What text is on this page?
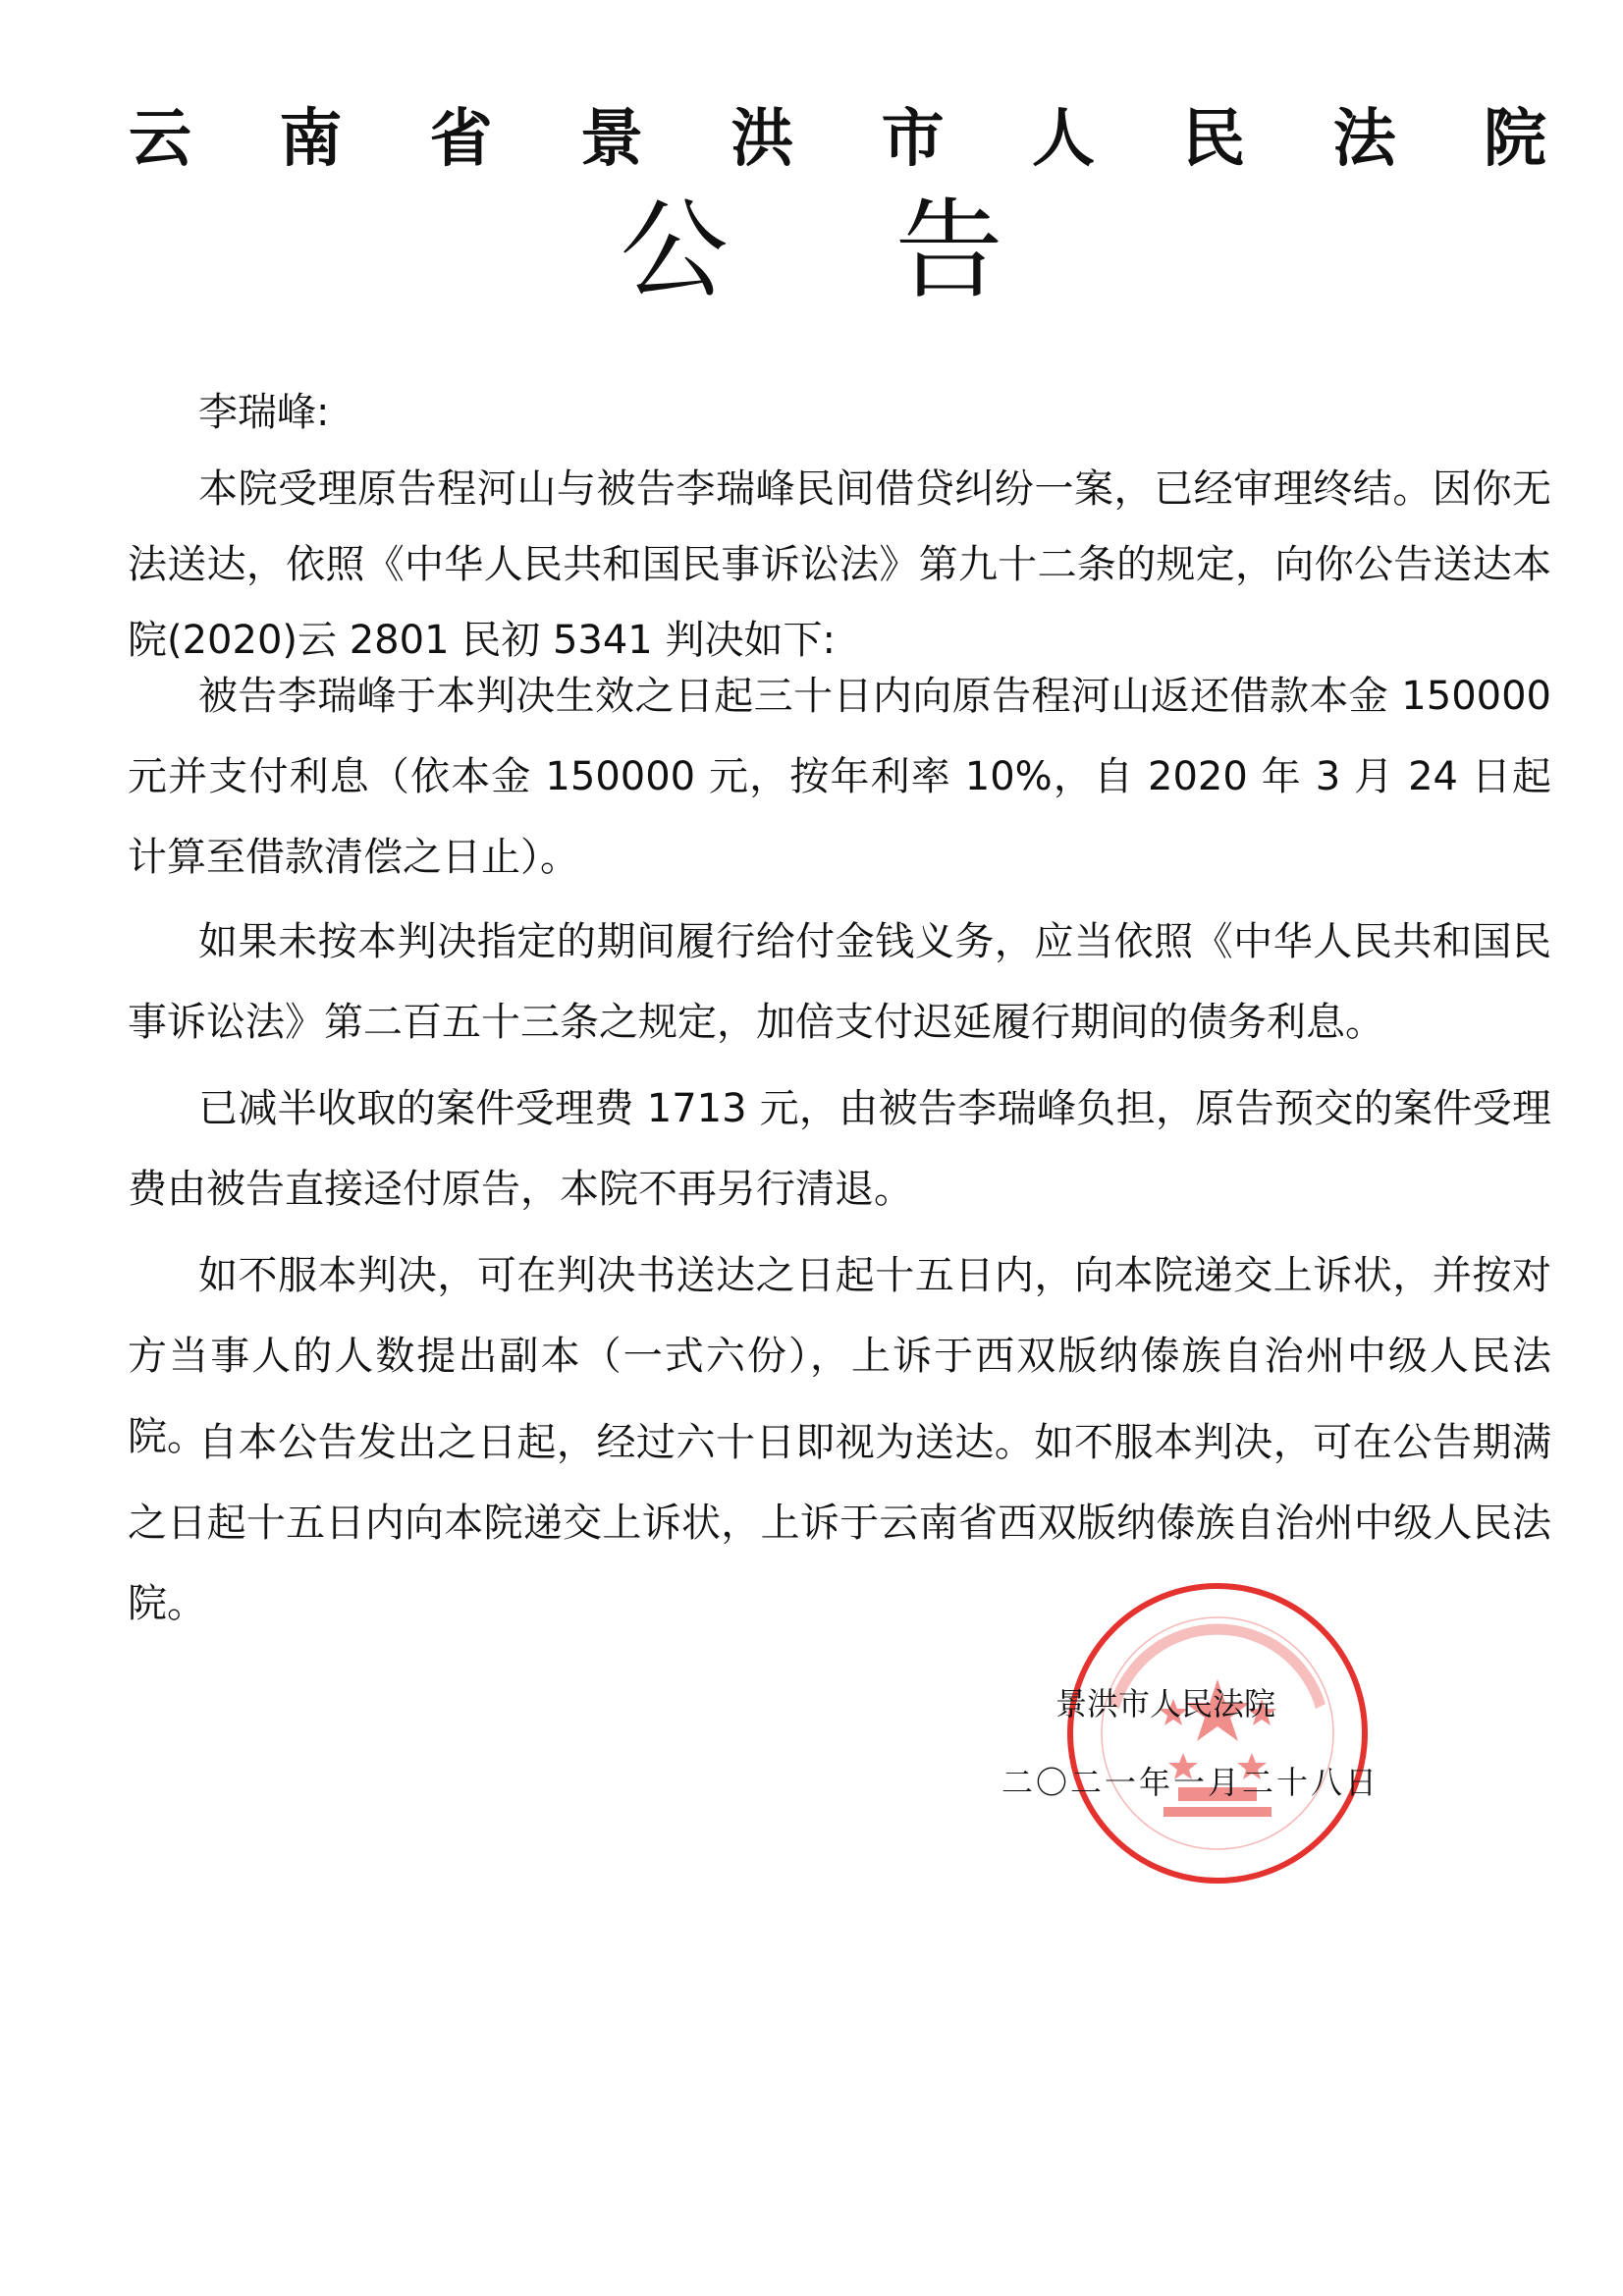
云 南 省 景 洪 市 人 民 法 院
公告
李瑞峰:

本院受理原告程河山与被告李瑞峰民间借贷纠纷一案，已经审理终结。因你无法送达，依照《中华人民共和国民事诉讼法》第九十二条的规定，向你公告送达本院(2020)云 2801 民初 5341 判决如下:

被告李瑞峰于本判决生效之日起三十日内向原告程河山返还借款本金 150000 元并支付利息（依本金 150000 元，按年利率 10%，自 2020 年 3 月 24 日起计算至借款清偿之日止）。

如果未按本判决指定的期间履行给付金钱义务，应当依照《中华人民共和国民事诉讼法》第二百五十三条之规定，加倍支付迟延履行期间的债务利息。

已减半收取的案件受理费 1713 元，由被告李瑞峰负担，原告预交的案件受理费由被告直接迳付原告，本院不再另行清退。

如不服本判决，可在判决书送达之日起十五日内，向本院递交上诉状，并按对方当事人的人数提出副本（一式六份），上诉于西双版纳傣族自治州中级人民法院。

自本公告发出之日起，经过六十日即视为送达。如不服本判决，可在公告期满之日起十五日内向本院递交上诉状，上诉于云南省西双版纳傣族自治州中级人民法院。

景洪市人民法院
二〇二一年一月二十八日
